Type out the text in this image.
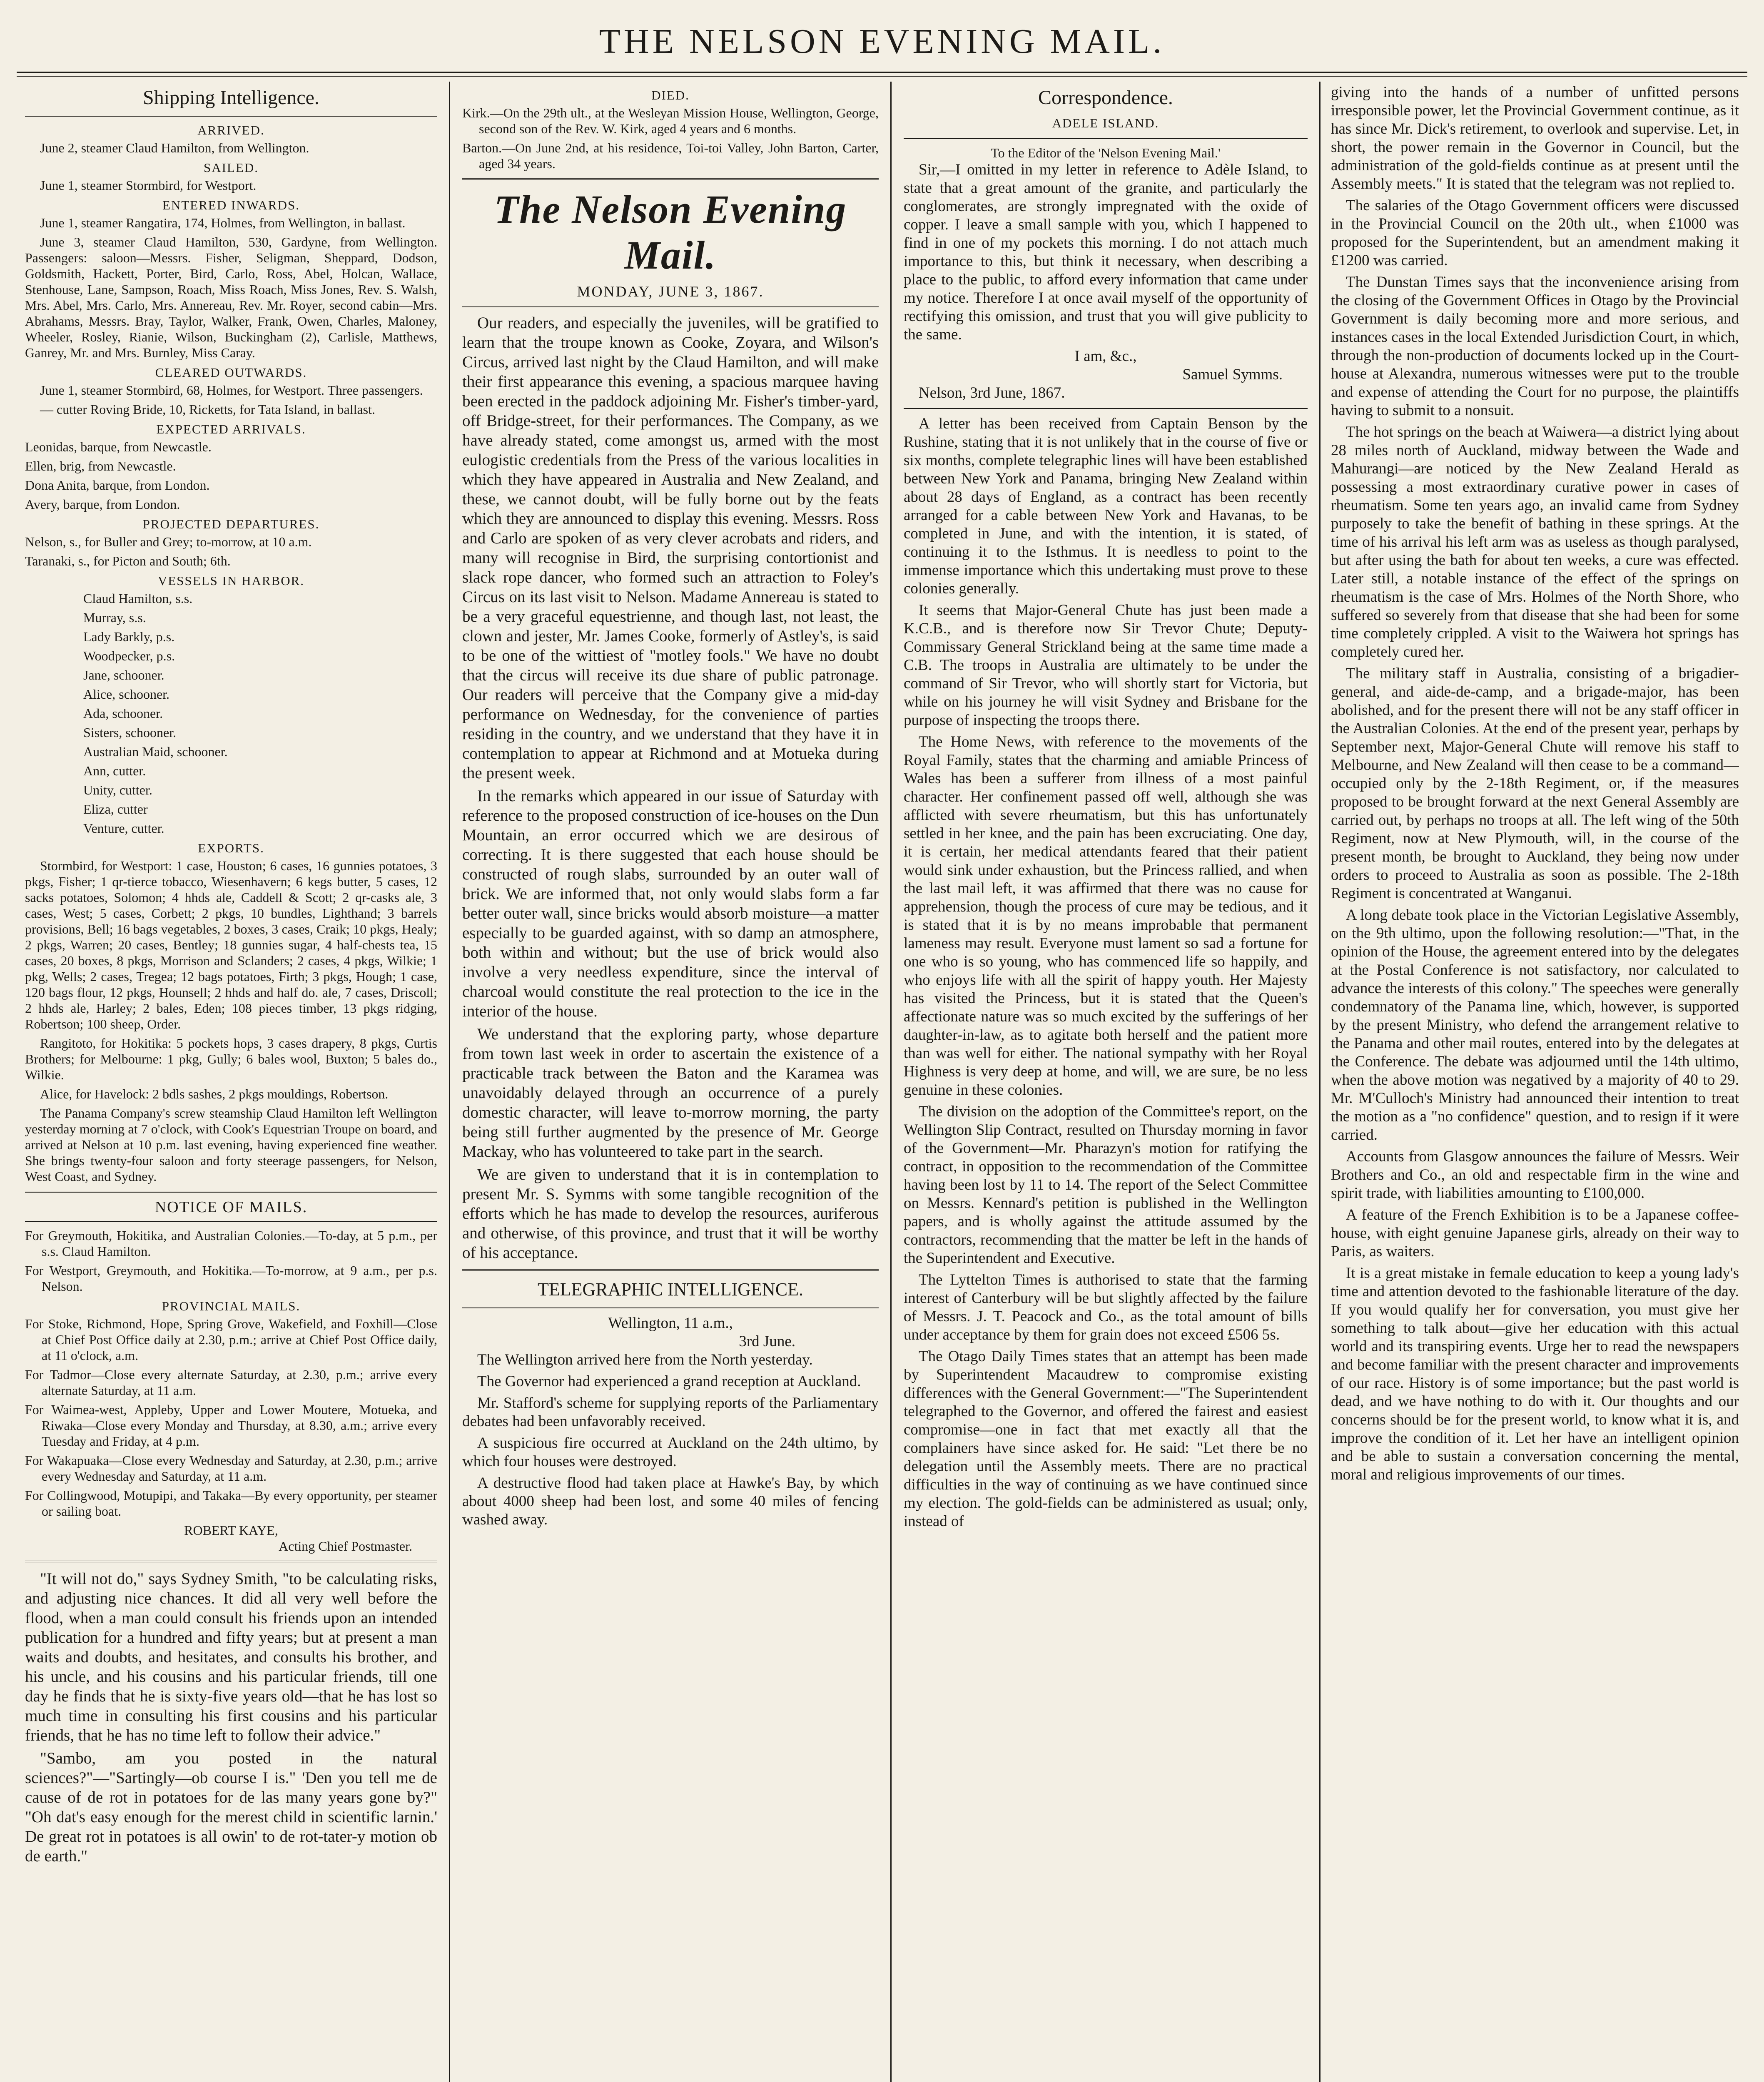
THE NELSON EVENING MAIL.
Shipping Intelligence.
ARRIVED.

June 2, steamer Claud Hamilton, from Wellington.

SAILED.

June 1, steamer Stormbird, for Westport.

ENTERED INWARDS.

June 1, steamer Rangatira, 174, Holmes, from Wellington, in ballast.

June 3, steamer Claud Hamilton, 530, Gardyne, from Wellington. Passengers: saloon—Messrs. Fisher, Seligman, Sheppard, Dodson, Goldsmith, Hackett, Porter, Bird, Carlo, Ross, Abel, Holcan, Wallace, Stenhouse, Lane, Sampson, Roach, Miss Roach, Miss Jones, Rev. S. Walsh, Mrs. Abel, Mrs. Carlo, Mrs. Annereau, Rev. Mr. Royer, second cabin—Mrs. Abrahams, Messrs. Bray, Taylor, Walker, Frank, Owen, Charles, Maloney, Wheeler, Rosley, Rianie, Wilson, Buckingham (2), Carlisle, Matthews, Ganrey, Mr. and Mrs. Burnley, Miss Caray.

CLEARED OUTWARDS.

June 1, steamer Stormbird, 68, Holmes, for Westport. Three passengers.

— cutter Roving Bride, 10, Ricketts, for Tata Island, in ballast.

EXPECTED ARRIVALS.

Leonidas, barque, from Newcastle.

Ellen, brig, from Newcastle.

Dona Anita, barque, from London.

Avery, barque, from London.

PROJECTED DEPARTURES.

Nelson, s., for Buller and Grey; to-morrow, at 10 a.m.

Taranaki, s., for Picton and South; 6th.

VESSELS IN HARBOR.

Claud Hamilton, s.s.

Murray, s.s.

Lady Barkly, p.s.

Woodpecker, p.s.

Jane, schooner.

Alice, schooner.

Ada, schooner.

Sisters, schooner.

Australian Maid, schooner.

Ann, cutter.

Unity, cutter.

Eliza, cutter

Venture, cutter.

EXPORTS.

Stormbird, for Westport: 1 case, Houston; 6 cases, 16 gunnies potatoes, 3 pkgs, Fisher; 1 qr-tierce tobacco, Wiesenhavern; 6 kegs butter, 5 cases, 12 sacks potatoes, Solomon; 4 hhds ale, Caddell & Scott; 2 qr-casks ale, 3 cases, West; 5 cases, Corbett; 2 pkgs, 10 bundles, Lighthand; 3 barrels provisions, Bell; 16 bags vegetables, 2 boxes, 3 cases, Craik; 10 pkgs, Healy; 2 pkgs, Warren; 20 cases, Bentley; 18 gunnies sugar, 4 half-chests tea, 15 cases, 20 boxes, 8 pkgs, Morrison and Sclanders; 2 cases, 4 pkgs, Wilkie; 1 pkg, Wells; 2 cases, Tregea; 12 bags potatoes, Firth; 3 pkgs, Hough; 1 case, 120 bags flour, 12 pkgs, Hounsell; 2 hhds and half do. ale, 7 cases, Driscoll; 2 hhds ale, Harley; 2 bales, Eden; 108 pieces timber, 13 pkgs ridging, Robertson; 100 sheep, Order.

Rangitoto, for Hokitika: 5 pockets hops, 3 cases drapery, 8 pkgs, Curtis Brothers; for Melbourne: 1 pkg, Gully; 6 bales wool, Buxton; 5 bales do., Wilkie.

Alice, for Havelock: 2 bdls sashes, 2 pkgs mouldings, Robertson.

The Panama Company's screw steamship Claud Hamilton left Wellington yesterday morning at 7 o'clock, with Cook's Equestrian Troupe on board, and arrived at Nelson at 10 p.m. last evening, having experienced fine weather. She brings twenty-four saloon and forty steerage passengers, for Nelson, West Coast, and Sydney.

NOTICE OF MAILS.

For Greymouth, Hokitika, and Australian Colonies.—To-day, at 5 p.m., per s.s. Claud Hamilton.

For Westport, Greymouth, and Hokitika.—To-morrow, at 9 a.m., per p.s. Nelson.

PROVINCIAL MAILS.

For Stoke, Richmond, Hope, Spring Grove, Wakefield, and Foxhill—Close at Chief Post Office daily at 2.30, p.m.; arrive at Chief Post Office daily, at 11 o'clock, a.m.

For Tadmor—Close every alternate Saturday, at 2.30, p.m.; arrive every alternate Saturday, at 11 a.m.

For Waimea-west, Appleby, Upper and Lower Moutere, Motueka, and Riwaka—Close every Monday and Thursday, at 8.30, a.m.; arrive every Tuesday and Friday, at 4 p.m.

For Wakapuaka—Close every Wednesday and Saturday, at 2.30, p.m.; arrive every Wednesday and Saturday, at 11 a.m.

For Collingwood, Motupipi, and Takaka—By every opportunity, per steamer or sailing boat.

ROBERT KAYE,
Acting Chief Postmaster.

"It will not do," says Sydney Smith, "to be calculating risks, and adjusting nice chances. It did all very well before the flood, when a man could consult his friends upon an intended publication for a hundred and fifty years; but at present a man waits and doubts, and hesitates, and consults his brother, and his uncle, and his cousins and his particular friends, till one day he finds that he is sixty-five years old—that he has lost so much time in consulting his first cousins and his particular friends, that he has no time left to follow their advice."

"Sambo, am you posted in the natural sciences?"—"Sartingly—ob course I is." 'Den you tell me de cause of de rot in potatoes for de las many years gone by?" "Oh dat's easy enough for the merest child in scientific larnin.' De great rot in potatoes is all owin' to de rot-tater-y motion ob de earth."

DIED.

Kirk.—On the 29th ult., at the Wesleyan Mission House, Wellington, George, second son of the Rev. W. Kirk, aged 4 years and 6 months.

Barton.—On June 2nd, at his residence, Toi-toi Valley, John Barton, Carter, aged 34 years.

The Nelson Evening Mail.
MONDAY, JUNE 3, 1867.

Our readers, and especially the juveniles, will be gratified to learn that the troupe known as Cooke, Zoyara, and Wilson's Circus, arrived last night by the Claud Hamilton, and will make their first appearance this evening, a spacious marquee having been erected in the paddock adjoining Mr. Fisher's timber-yard, off Bridge-street, for their performances. The Company, as we have already stated, come amongst us, armed with the most eulogistic credentials from the Press of the various localities in which they have appeared in Australia and New Zealand, and these, we cannot doubt, will be fully borne out by the feats which they are announced to display this evening. Messrs. Ross and Carlo are spoken of as very clever acrobats and riders, and many will recognise in Bird, the surprising contortionist and slack rope dancer, who formed such an attraction to Foley's Circus on its last visit to Nelson. Madame Annereau is stated to be a very graceful equestrienne, and though last, not least, the clown and jester, Mr. James Cooke, formerly of Astley's, is said to be one of the wittiest of "motley fools." We have no doubt that the circus will receive its due share of public patronage. Our readers will perceive that the Company give a mid-day performance on Wednesday, for the convenience of parties residing in the country, and we understand that they have it in contemplation to appear at Richmond and at Motueka during the present week.

In the remarks which appeared in our issue of Saturday with reference to the proposed construction of ice-houses on the Dun Mountain, an error occurred which we are desirous of correcting. It is there suggested that each house should be constructed of rough slabs, surrounded by an outer wall of brick. We are informed that, not only would slabs form a far better outer wall, since bricks would absorb moisture—a matter especially to be guarded against, with so damp an atmosphere, both within and without; but the use of brick would also involve a very needless expenditure, since the interval of charcoal would constitute the real protection to the ice in the interior of the house.

We understand that the exploring party, whose departure from town last week in order to ascertain the existence of a practicable track between the Baton and the Karamea was unavoidably delayed through an occurrence of a purely domestic character, will leave to-morrow morning, the party being still further augmented by the presence of Mr. George Mackay, who has volunteered to take part in the search.

We are given to understand that it is in contemplation to present Mr. S. Symms with some tangible recognition of the efforts which he has made to develop the resources, auriferous and otherwise, of this province, and trust that it will be worthy of his acceptance.

TELEGRAPHIC INTELLIGENCE.
Wellington, 11 a.m.,
3rd June.

The Wellington arrived here from the North yesterday.

The Governor had experienced a grand reception at Auckland.

Mr. Stafford's scheme for supplying reports of the Parliamentary debates had been unfavorably received.

A suspicious fire occurred at Auckland on the 24th ultimo, by which four houses were destroyed.

A destructive flood had taken place at Hawke's Bay, by which about 4000 sheep had been lost, and some 40 miles of fencing washed away.

Correspondence.
ADELE ISLAND.
To the Editor of the 'Nelson Evening Mail.'

Sir,—I omitted in my letter in reference to Adèle Island, to state that a great amount of the granite, and particularly the conglomerates, are strongly impregnated with the oxide of copper. I leave a small sample with you, which I happened to find in one of my pockets this morning. I do not attach much importance to this, but think it necessary, when describing a place to the public, to afford every information that came under my notice. Therefore I at once avail myself of the opportunity of rectifying this omission, and trust that you will give publicity to the same.

I am, &c.,
Samuel Symms.

Nelson, 3rd June, 1867.

A letter has been received from Captain Benson by the Rushine, stating that it is not unlikely that in the course of five or six months, complete telegraphic lines will have been established between New York and Panama, bringing New Zealand within about 28 days of England, as a contract has been recently arranged for a cable between New York and Havanas, to be completed in June, and with the intention, it is stated, of continuing it to the Isthmus. It is needless to point to the immense importance which this undertaking must prove to these colonies generally.

It seems that Major-General Chute has just been made a K.C.B., and is therefore now Sir Trevor Chute; Deputy-Commissary General Strickland being at the same time made a C.B. The troops in Australia are ultimately to be under the command of Sir Trevor, who will shortly start for Victoria, but while on his journey he will visit Sydney and Brisbane for the purpose of inspecting the troops there.

The Home News, with reference to the movements of the Royal Family, states that the charming and amiable Princess of Wales has been a sufferer from illness of a most painful character. Her confinement passed off well, although she was afflicted with severe rheumatism, but this has unfortunately settled in her knee, and the pain has been excruciating. One day, it is certain, her medical attendants feared that their patient would sink under exhaustion, but the Princess rallied, and when the last mail left, it was affirmed that there was no cause for apprehension, though the process of cure may be tedious, and it is stated that it is by no means improbable that permanent lameness may result. Everyone must lament so sad a fortune for one who is so young, who has commenced life so happily, and who enjoys life with all the spirit of happy youth. Her Majesty has visited the Princess, but it is stated that the Queen's affectionate nature was so much excited by the sufferings of her daughter-in-law, as to agitate both herself and the patient more than was well for either. The national sympathy with her Royal Highness is very deep at home, and will, we are sure, be no less genuine in these colonies.

The division on the adoption of the Committee's report, on the Wellington Slip Contract, resulted on Thursday morning in favor of the Government—Mr. Pharazyn's motion for ratifying the contract, in opposition to the recommendation of the Committee having been lost by 11 to 14. The report of the Select Committee on Messrs. Kennard's petition is published in the Wellington papers, and is wholly against the attitude assumed by the contractors, recommending that the matter be left in the hands of the Superintendent and Executive.

The Lyttelton Times is authorised to state that the farming interest of Canterbury will be but slightly affected by the failure of Messrs. J. T. Peacock and Co., as the total amount of bills under acceptance by them for grain does not exceed £506 5s.

The Otago Daily Times states that an attempt has been made by Superintendent Macaudrew to compromise existing differences with the General Government:—"The Superintendent telegraphed to the Governor, and offered the fairest and easiest compromise—one in fact that met exactly all that the complainers have since asked for. He said: "Let there be no delegation until the Assembly meets. There are no practical difficulties in the way of continuing as we have continued since my election. The gold-fields can be administered as usual; only, instead of

giving into the hands of a number of unfitted persons irresponsible power, let the Provincial Government continue, as it has since Mr. Dick's retirement, to overlook and supervise. Let, in short, the power remain in the Governor in Council, but the administration of the gold-fields continue as at present until the Assembly meets." It is stated that the telegram was not replied to.

The salaries of the Otago Government officers were discussed in the Provincial Council on the 20th ult., when £1000 was proposed for the Superintendent, but an amendment making it £1200 was carried.

The Dunstan Times says that the inconvenience arising from the closing of the Government Offices in Otago by the Provincial Government is daily becoming more and more serious, and instances cases in the local Extended Jurisdiction Court, in which, through the non-production of documents locked up in the Court-house at Alexandra, numerous witnesses were put to the trouble and expense of attending the Court for no purpose, the plaintiffs having to submit to a nonsuit.

The hot springs on the beach at Waiwera—a district lying about 28 miles north of Auckland, midway between the Wade and Mahurangi—are noticed by the New Zealand Herald as possessing a most extraordinary curative power in cases of rheumatism. Some ten years ago, an invalid came from Sydney purposely to take the benefit of bathing in these springs. At the time of his arrival his left arm was as useless as though paralysed, but after using the bath for about ten weeks, a cure was effected. Later still, a notable instance of the effect of the springs on rheumatism is the case of Mrs. Holmes of the North Shore, who suffered so severely from that disease that she had been for some time completely crippled. A visit to the Waiwera hot springs has completely cured her.

The military staff in Australia, consisting of a brigadier-general, and aide-de-camp, and a brigade-major, has been abolished, and for the present there will not be any staff officer in the Australian Colonies. At the end of the present year, perhaps by September next, Major-General Chute will remove his staff to Melbourne, and New Zealand will then cease to be a command—occupied only by the 2-18th Regiment, or, if the measures proposed to be brought forward at the next General Assembly are carried out, by perhaps no troops at all. The left wing of the 50th Regiment, now at New Plymouth, will, in the course of the present month, be brought to Auckland, they being now under orders to proceed to Australia as soon as possible. The 2-18th Regiment is concentrated at Wanganui.

A long debate took place in the Victorian Legislative Assembly, on the 9th ultimo, upon the following resolution:—"That, in the opinion of the House, the agreement entered into by the delegates at the Postal Conference is not satisfactory, nor calculated to advance the interests of this colony." The speeches were generally condemnatory of the Panama line, which, however, is supported by the present Ministry, who defend the arrangement relative to the Panama and other mail routes, entered into by the delegates at the Conference. The debate was adjourned until the 14th ultimo, when the above motion was negatived by a majority of 40 to 29. Mr. M'Culloch's Ministry had announced their intention to treat the motion as a "no confidence" question, and to resign if it were carried.

Accounts from Glasgow announces the failure of Messrs. Weir Brothers and Co., an old and respectable firm in the wine and spirit trade, with liabilities amounting to £100,000.

A feature of the French Exhibition is to be a Japanese coffee-house, with eight genuine Japanese girls, already on their way to Paris, as waiters.

It is a great mistake in female education to keep a young lady's time and attention devoted to the fashionable literature of the day. If you would qualify her for conversation, you must give her something to talk about—give her education with this actual world and its transpiring events. Urge her to read the newspapers and become familiar with the present character and improvements of our race. History is of some importance; but the past world is dead, and we have nothing to do with it. Our thoughts and our concerns should be for the present world, to know what it is, and improve the condition of it. Let her have an intelligent opinion and be able to sustain a conversation concerning the mental, moral and religious improvements of our times.
